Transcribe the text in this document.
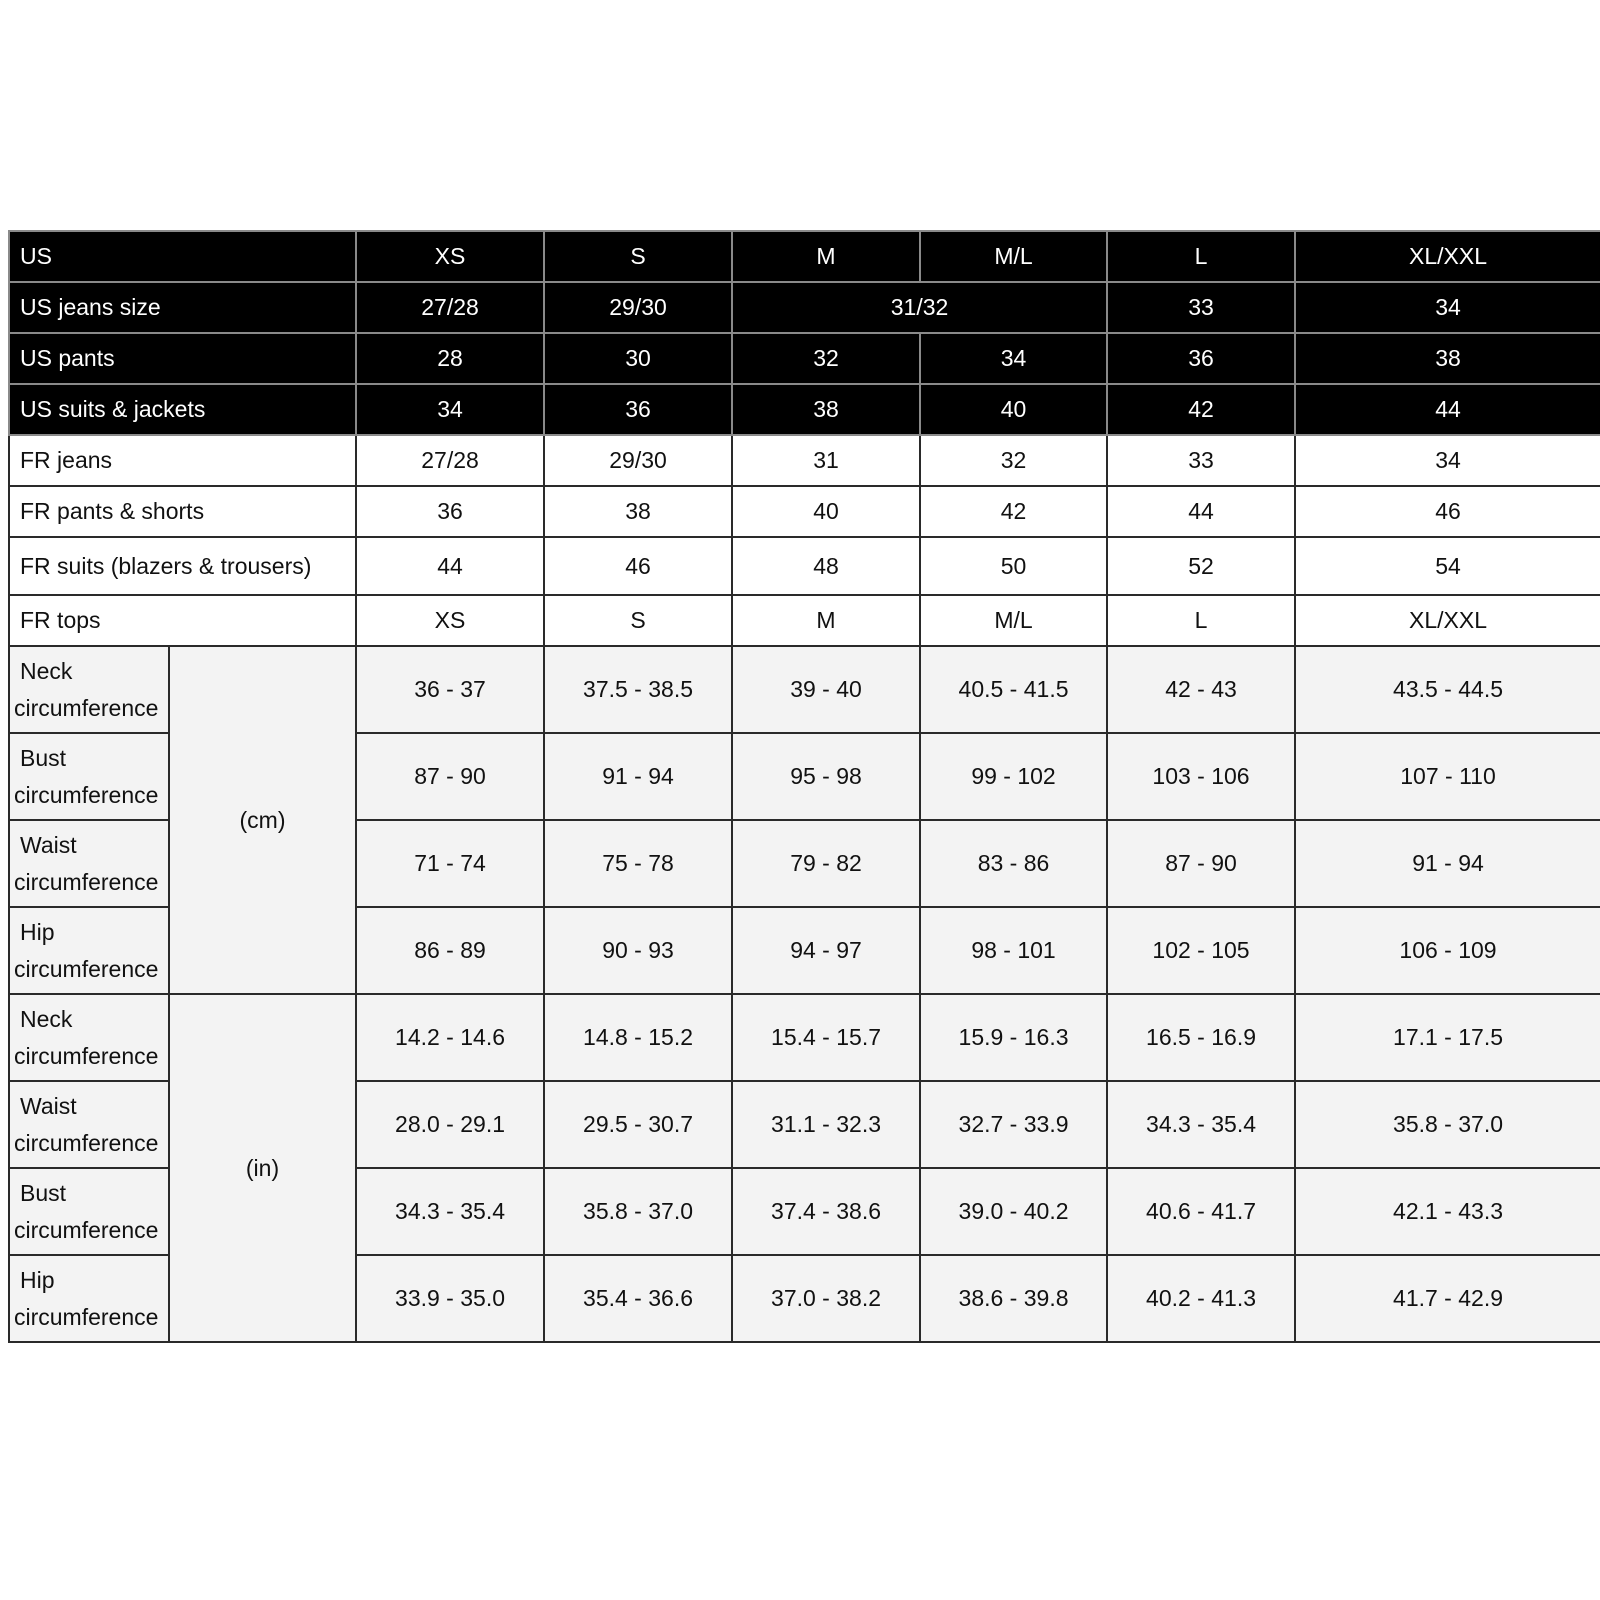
US		XS	S	M	M/L	L	XL/XXL
US jeans size		27/28	29/30	31/32		33	34
US pants		28	30	32	34	36	38
US suits & jackets		34	36	38	40	42	44
FR jeans		27/28	29/30	31	32	33	34
FR pants & shorts		36	38	40	42	44	46
FR suits (blazers & trousers)		44	46	48	50	52	54
FR tops		XS	S	M	M/L	L	XL/XXL

Neck
circumference	(cm)	36 - 37	37.5 - 38.5	39 - 40	40.5 - 41.5	42 - 43	43.5 - 44.5

Bust
circumference		87 - 90	91 - 94	95 - 98	99 - 102	103 - 106	107 - 110

Waist
circumference		71 - 74	75 - 78	79 - 82	83 - 86	87 - 90	91 - 94

Hip
circumference		86 - 89	90 - 93	94 - 97	98 - 101	102 - 105	106 - 109

Neck
circumference	(in)	14.2 - 14.6	14.8 - 15.2	15.4 - 15.7	15.9 - 16.3	16.5 - 16.9	17.1 - 17.5

Waist
circumference		28.0 - 29.1	29.5 - 30.7	31.1 - 32.3	32.7 - 33.9	34.3 - 35.4	35.8 - 37.0

Bust
circumference		34.3 - 35.4	35.8 - 37.0	37.4 - 38.6	39.0 - 40.2	40.6 - 41.7	42.1 - 43.3

Hip
circumference		33.9 - 35.0	35.4 - 36.6	37.0 - 38.2	38.6 - 39.8	40.2 - 41.3	41.7 - 42.9
